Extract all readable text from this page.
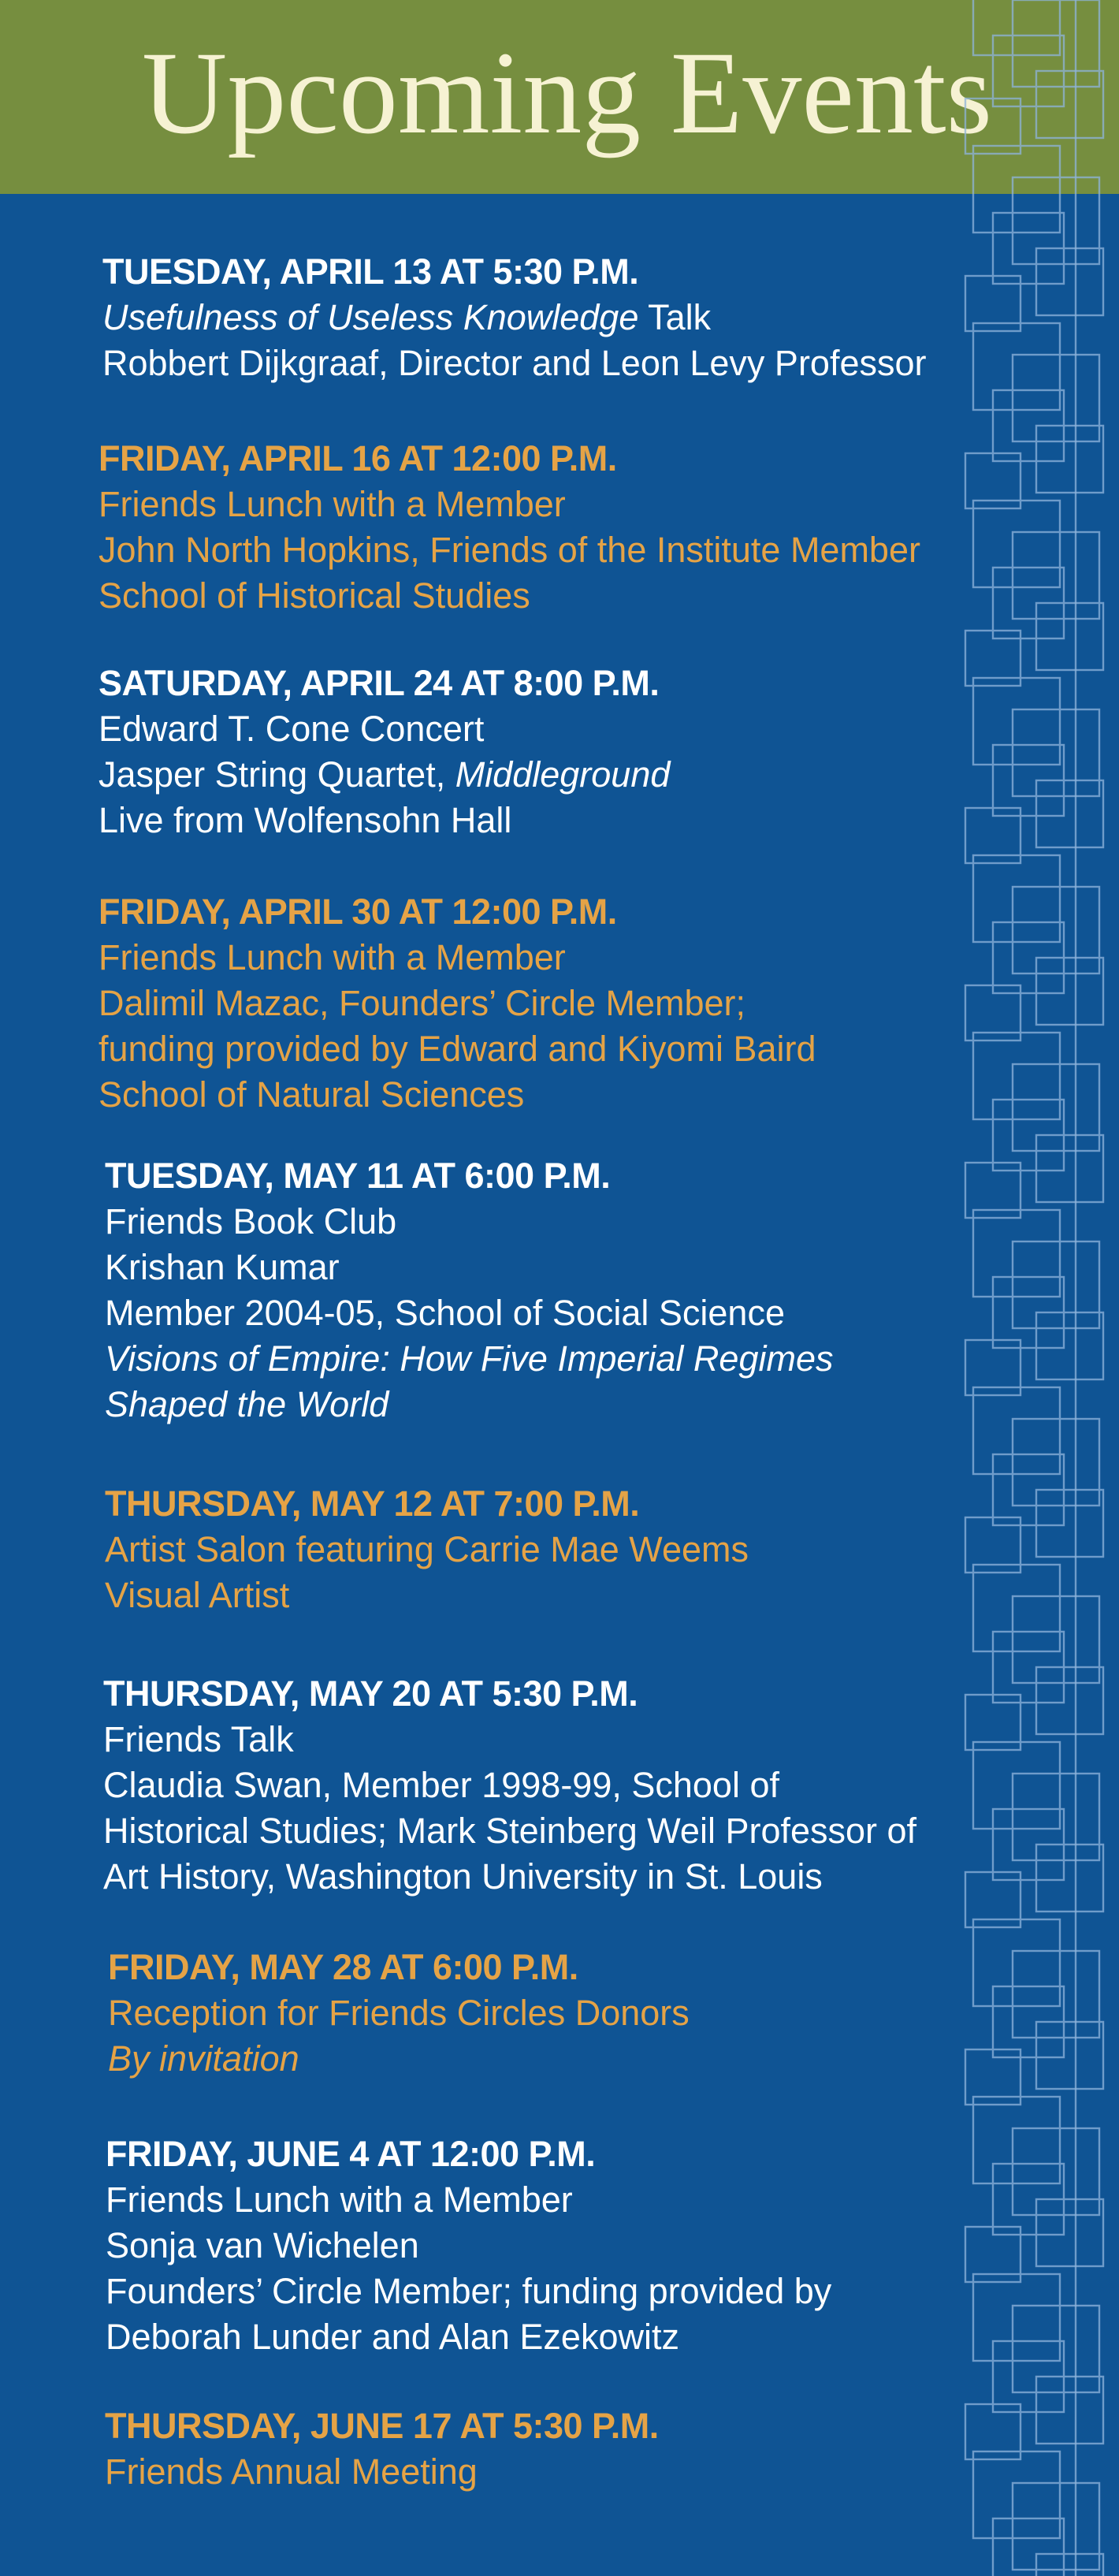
Upcoming Events
TUESDAY, APRIL 13 AT 5:30 P.M.
Usefulness of Useless Knowledge Talk
Robbert Dijkgraaf, Director and Leon Levy Professor
FRIDAY, APRIL 16 AT 12:00 P.M.
Friends Lunch with a Member
John North Hopkins, Friends of the Institute Member
School of Historical Studies
SATURDAY, APRIL 24 AT 8:00 P.M.
Edward T. Cone Concert
Jasper String Quartet, Middleground
Live from Wolfensohn Hall
FRIDAY, APRIL 30 AT 12:00 P.M.
Friends Lunch with a Member
Dalimil Mazac, Founders’ Circle Member;
funding provided by Edward and Kiyomi Baird
School of Natural Sciences
TUESDAY, MAY 11 AT 6:00 P.M.
Friends Book Club
Krishan Kumar
Member 2004-05, School of Social Science
Visions of Empire: How Five Imperial Regimes
Shaped the World
THURSDAY, MAY 12 AT 7:00 P.M.
Artist Salon featuring Carrie Mae Weems
Visual Artist
THURSDAY, MAY 20 AT 5:30 P.M.
Friends Talk
Claudia Swan, Member 1998-99, School of
Historical Studies; Mark Steinberg Weil Professor of
Art History, Washington University in St. Louis
FRIDAY, MAY 28 AT 6:00 P.M.
Reception for Friends Circles Donors
By invitation
FRIDAY, JUNE 4 AT 12:00 P.M.
Friends Lunch with a Member
Sonja van Wichelen
Founders’ Circle Member; funding provided by
Deborah Lunder and Alan Ezekowitz
THURSDAY, JUNE 17 AT 5:30 P.M.
Friends Annual Meeting
